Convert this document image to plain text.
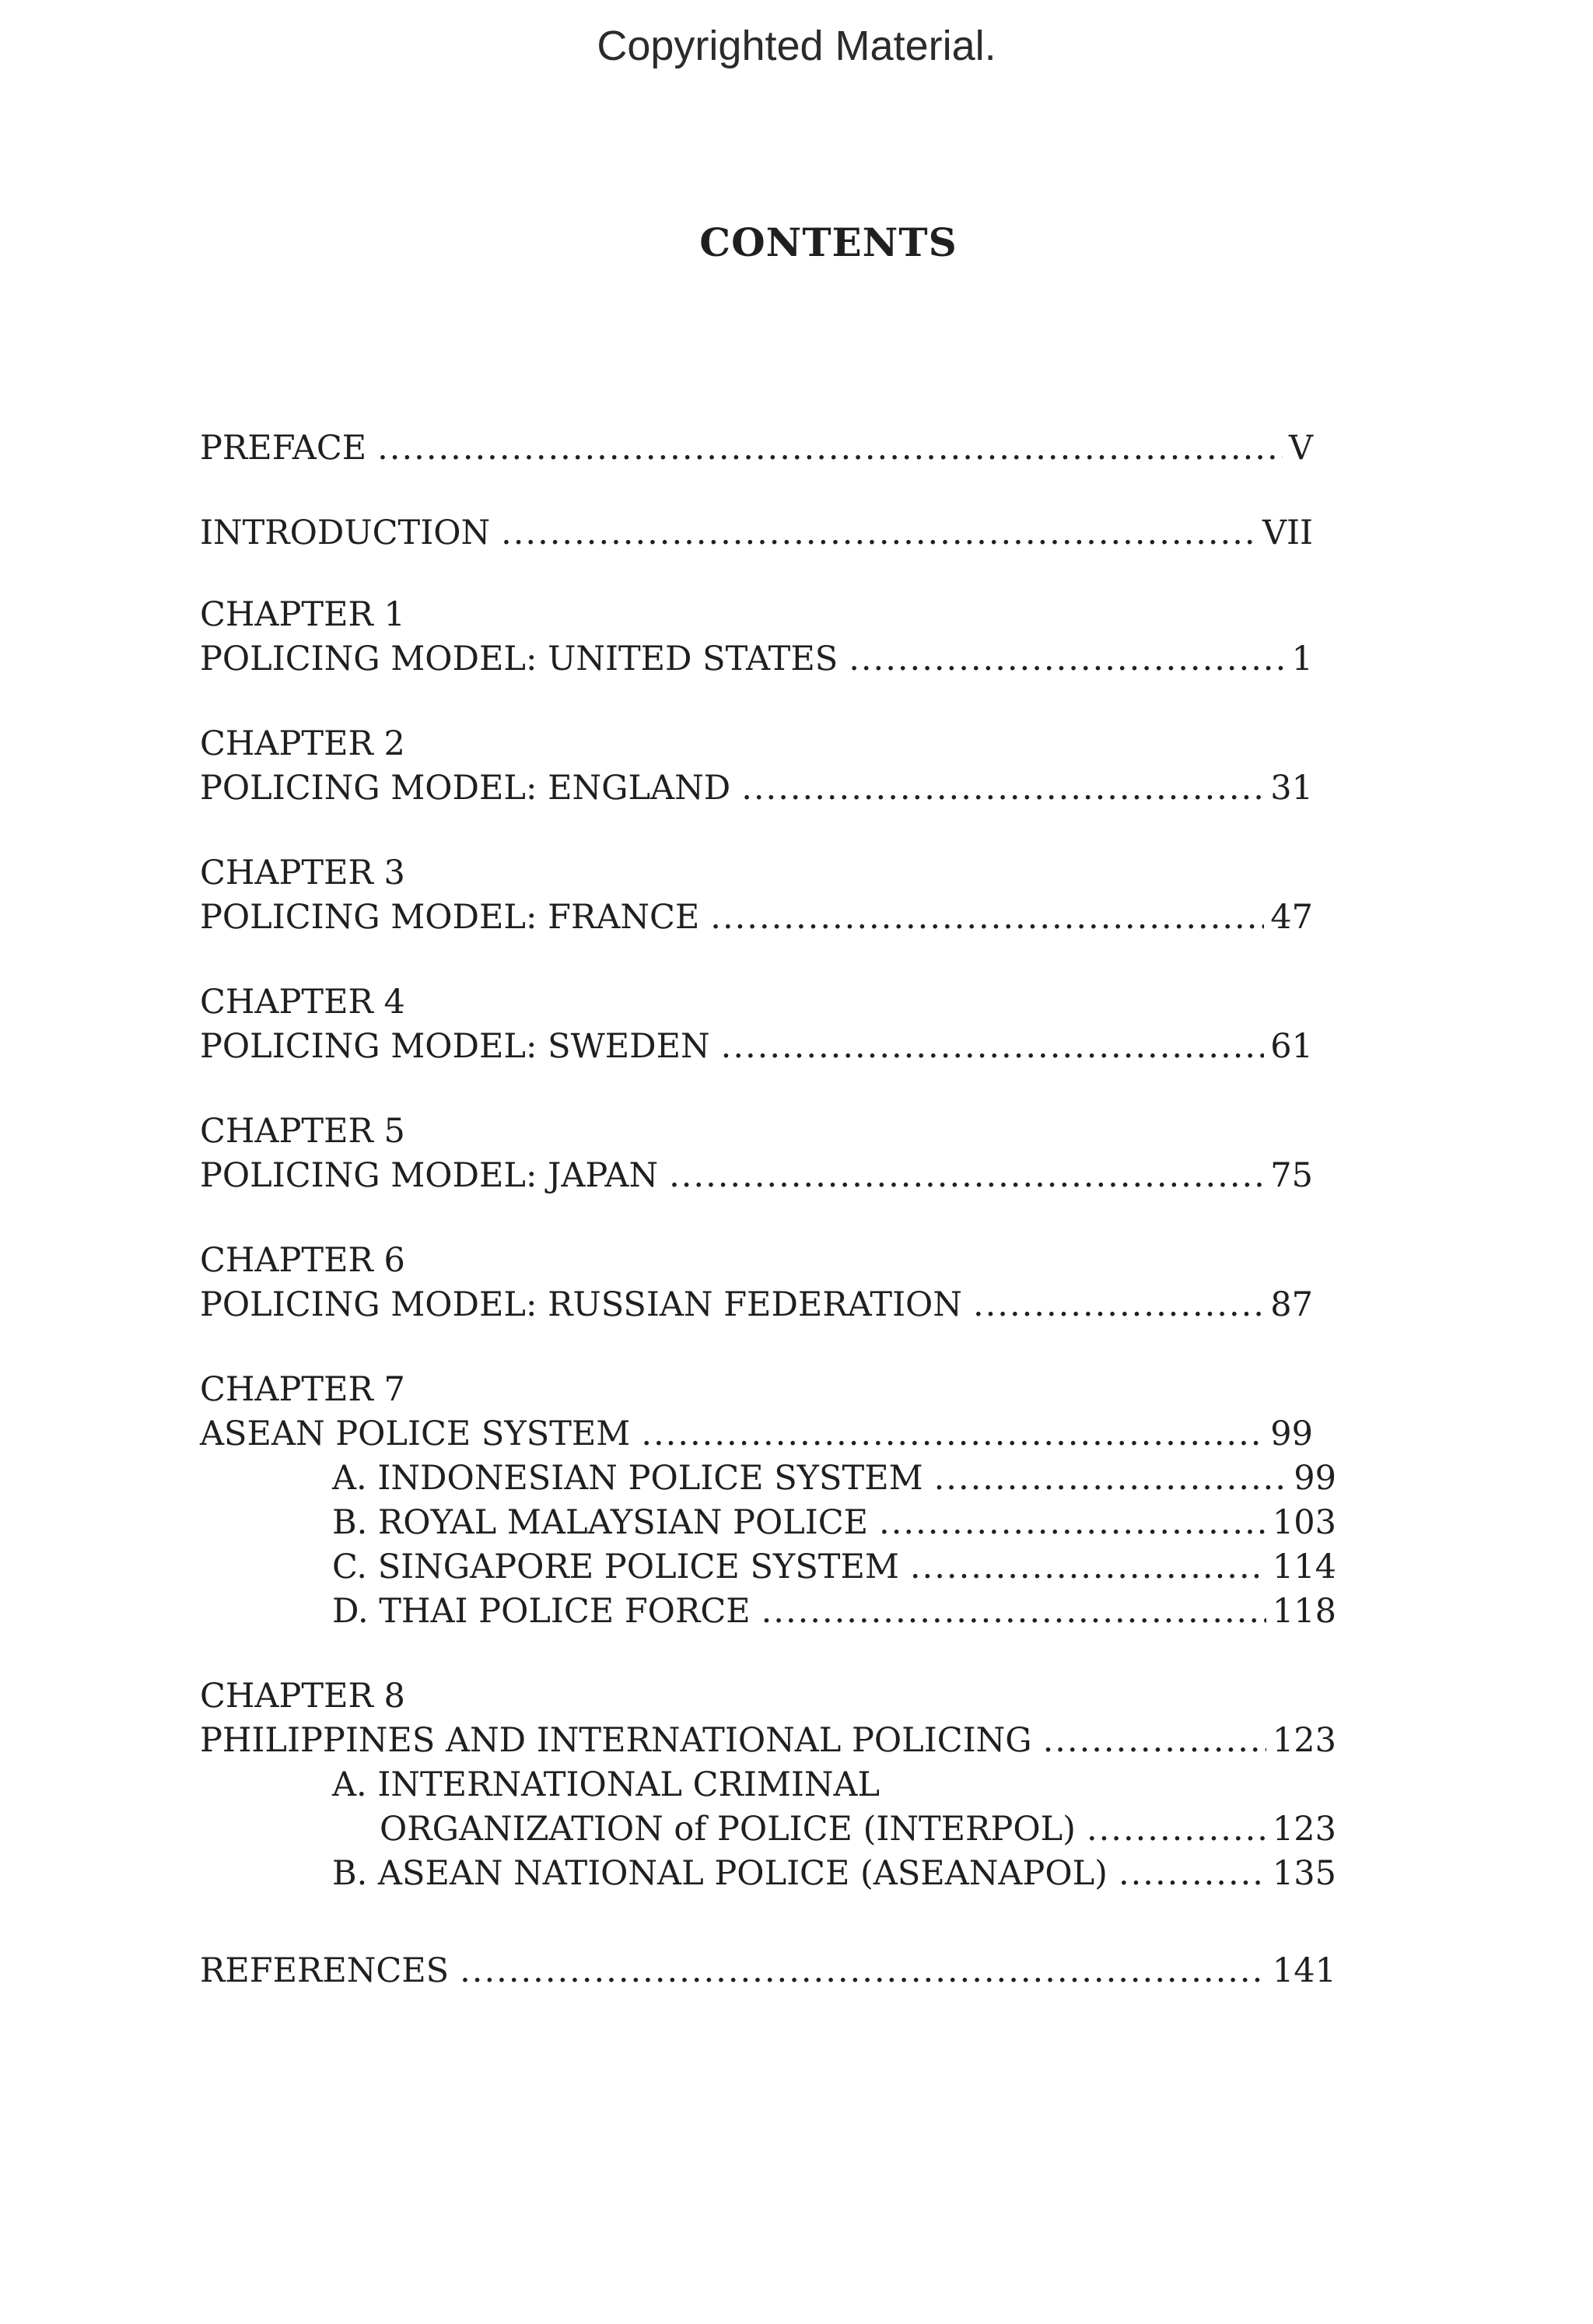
Copyrighted Material.
CONTENTS
PREFACE .....	V
INTRODUCTION .....	VII
CHAPTER 1
POLICING MODEL: UNITED STATES .....	1
CHAPTER 2
POLICING MODEL: ENGLAND .....	31
CHAPTER 3
POLICING MODEL: FRANCE .....	47
CHAPTER 4
POLICING MODEL: SWEDEN .....	61
CHAPTER 5
POLICING MODEL: JAPAN .....	75
CHAPTER 6
POLICING MODEL: RUSSIAN FEDERATION .....	87
CHAPTER 7
ASEAN POLICE SYSTEM .....	99
A. INDONESIAN POLICE SYSTEM .....	99
B. ROYAL MALAYSIAN POLICE .....	103
C. SINGAPORE POLICE SYSTEM .....	114
D. THAI POLICE FORCE .....	118
CHAPTER 8
PHILIPPINES AND INTERNATIONAL POLICING .....	123
A. INTERNATIONAL CRIMINAL
ORGANIZATION of POLICE (INTERPOL) .....	123
B. ASEAN NATIONAL POLICE (ASEANAPOL) .....	135
REFERENCES .....	141
